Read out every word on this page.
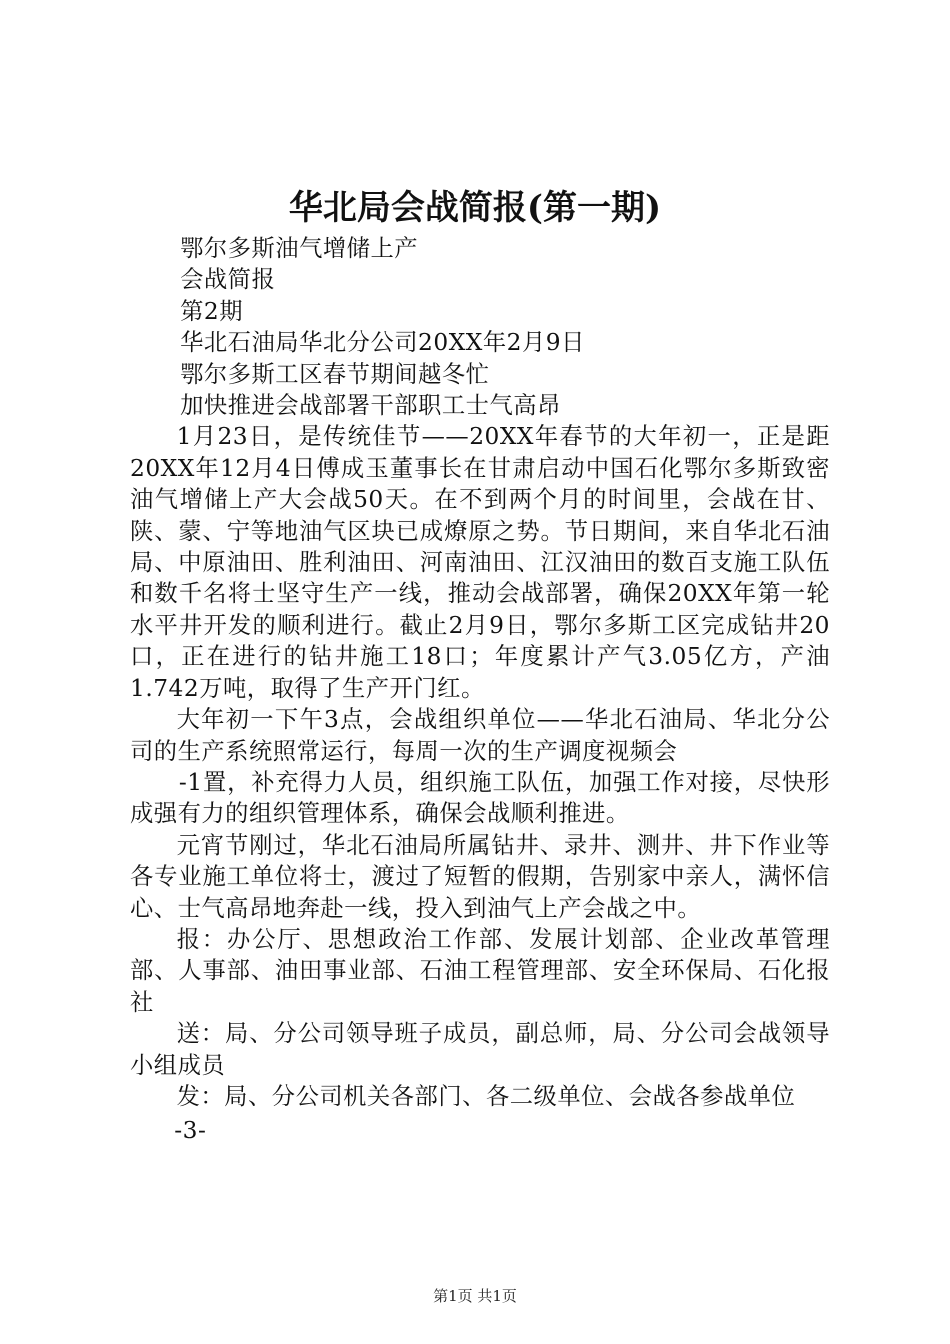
华北局会战简报(第一期)

鄂尔多斯油气增储上产

会战简报

第2期

华北石油局华北分公司20XX年2月9日

鄂尔多斯工区春节期间越冬忙

加快推进会战部署干部职工士气高昂

1月23日，是传统佳节——20XX年春节的大年初一，正是距20XX年12月4日傅成玉董事长在甘肃启动中国石化鄂尔多斯致密油气增储上产大会战50天。在不到两个月的时间里，会战在甘、陕、蒙、宁等地油气区块已成燎原之势。节日期间，来自华北石油局、中原油田、胜利油田、河南油田、江汉油田的数百支施工队伍和数千名将士坚守生产一线，推动会战部署，确保20XX年第一轮水平井开发的顺利进行。截止2月9日，鄂尔多斯工区完成钻井20口，正在进行的钻井施工18口；年度累计产气3.05亿方，产油1.742万吨，取得了生产开门红。

大年初一下午3点，会战组织单位——华北石油局、华北分公司的生产系统照常运行，每周一次的生产调度视频会

-1置，补充得力人员，组织施工队伍，加强工作对接，尽快形成强有力的组织管理体系，确保会战顺利推进。

元宵节刚过，华北石油局所属钻井、录井、测井、井下作业等各专业施工单位将士，渡过了短暂的假期，告别家中亲人，满怀信心、士气高昂地奔赴一线，投入到油气上产会战之中。

报：办公厅、思想政治工作部、发展计划部、企业改革管理部、人事部、油田事业部、石油工程管理部、安全环保局、石化报社

送：局、分公司领导班子成员，副总师，局、分公司会战领导小组成员

发：局、分公司机关各部门、各二级单位、会战各参战单位

-3-

第1页 共1页
